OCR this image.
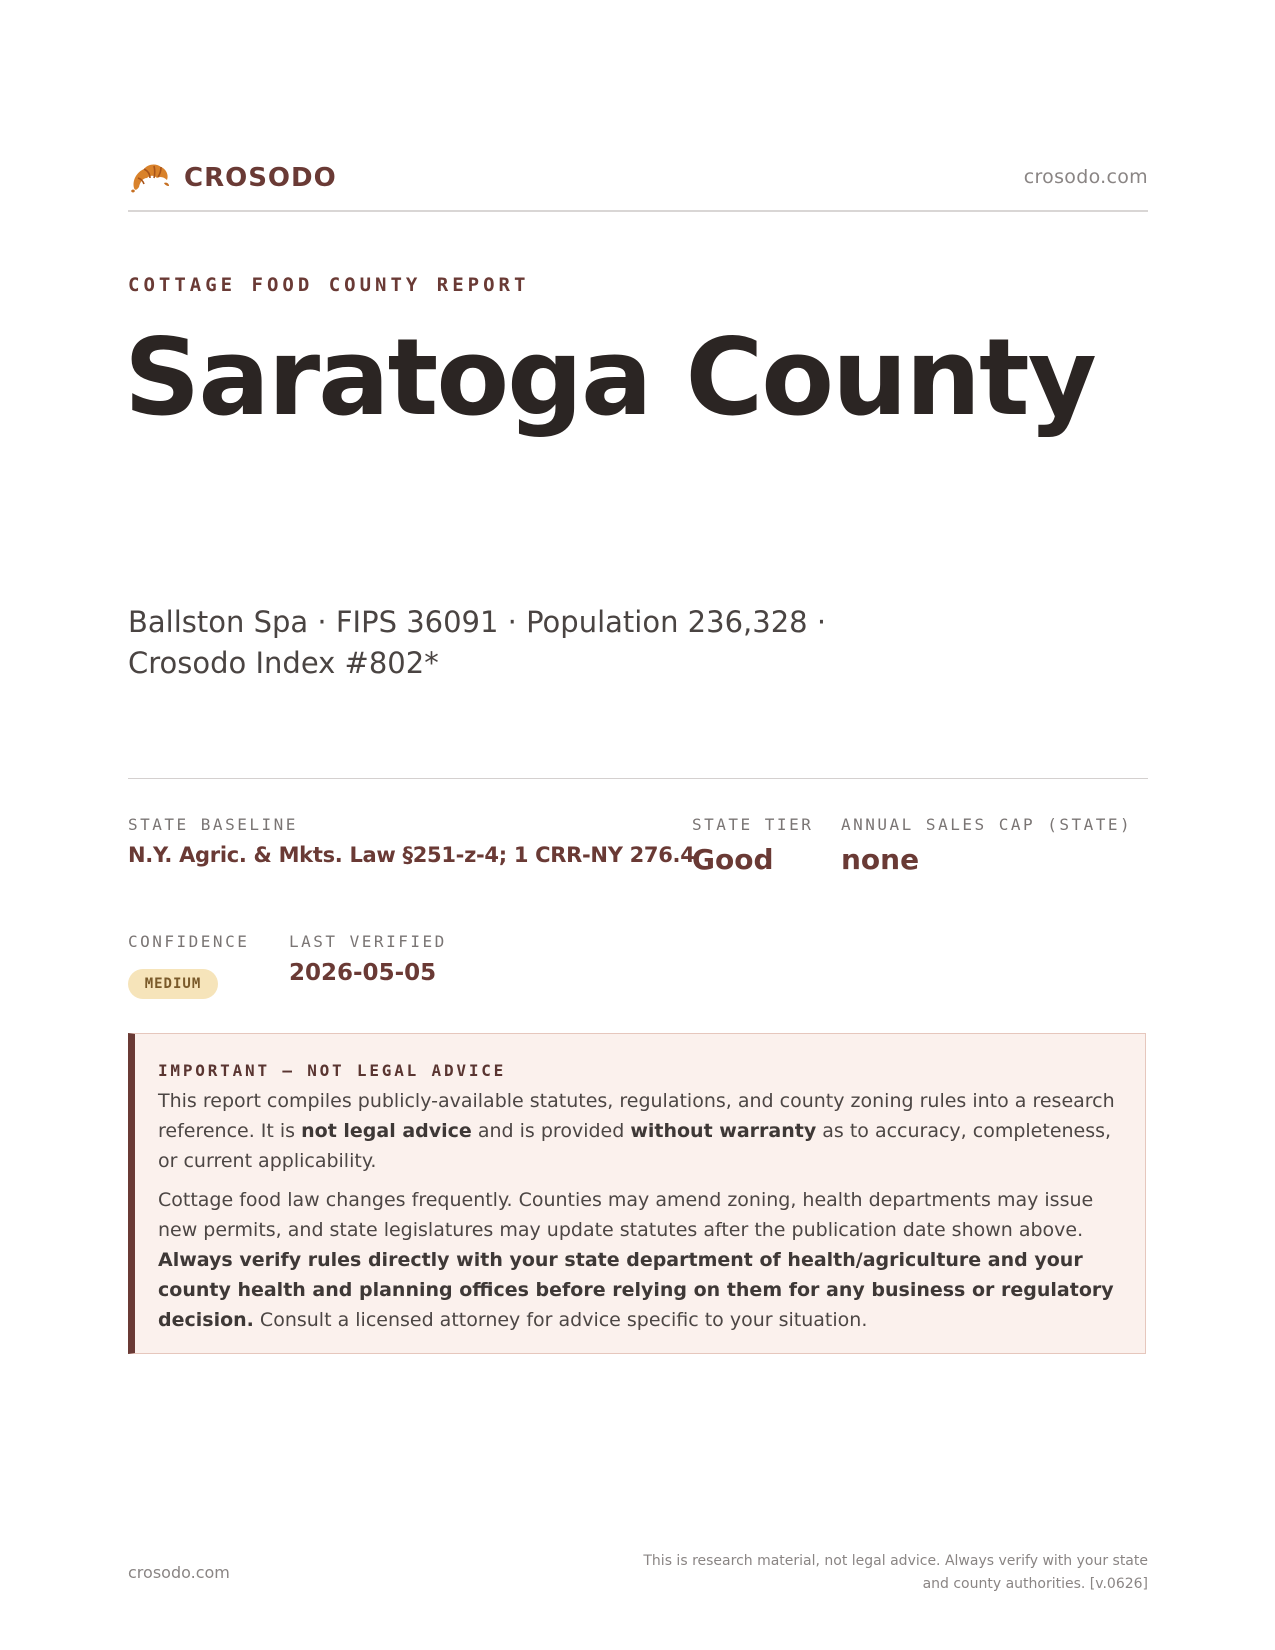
CROSODO	crosodo.com
COTTAGE FOOD COUNTY REPORT
Saratoga County
Ballston Spa · FIPS 36091 · Population 236,328 · Crosodo Index #802*
STATE BASELINE
N.Y. Agric. & Mkts. Law §251-z-4; 1 CRR-NY 276.4
STATE TIER
Good
ANNUAL SALES CAP (STATE)
none
CONFIDENCE
MEDIUM
LAST VERIFIED
2026-05-05
IMPORTANT — NOT LEGAL ADVICE

This report compiles publicly-available statutes, regulations, and county zoning rules into a research reference. It is not legal advice and is provided without warranty as to accuracy, completeness, or current applicability.

Cottage food law changes frequently. Counties may amend zoning, health departments may issue new permits, and state legislatures may update statutes after the publication date shown above. Always verify rules directly with your state department of health/agriculture and your county health and planning offices before relying on them for any business or regulatory decision. Consult a licensed attorney for advice specific to your situation.

crosodo.com
This is research material, not legal advice. Always verify with your state
and county authorities. [v.0626]
